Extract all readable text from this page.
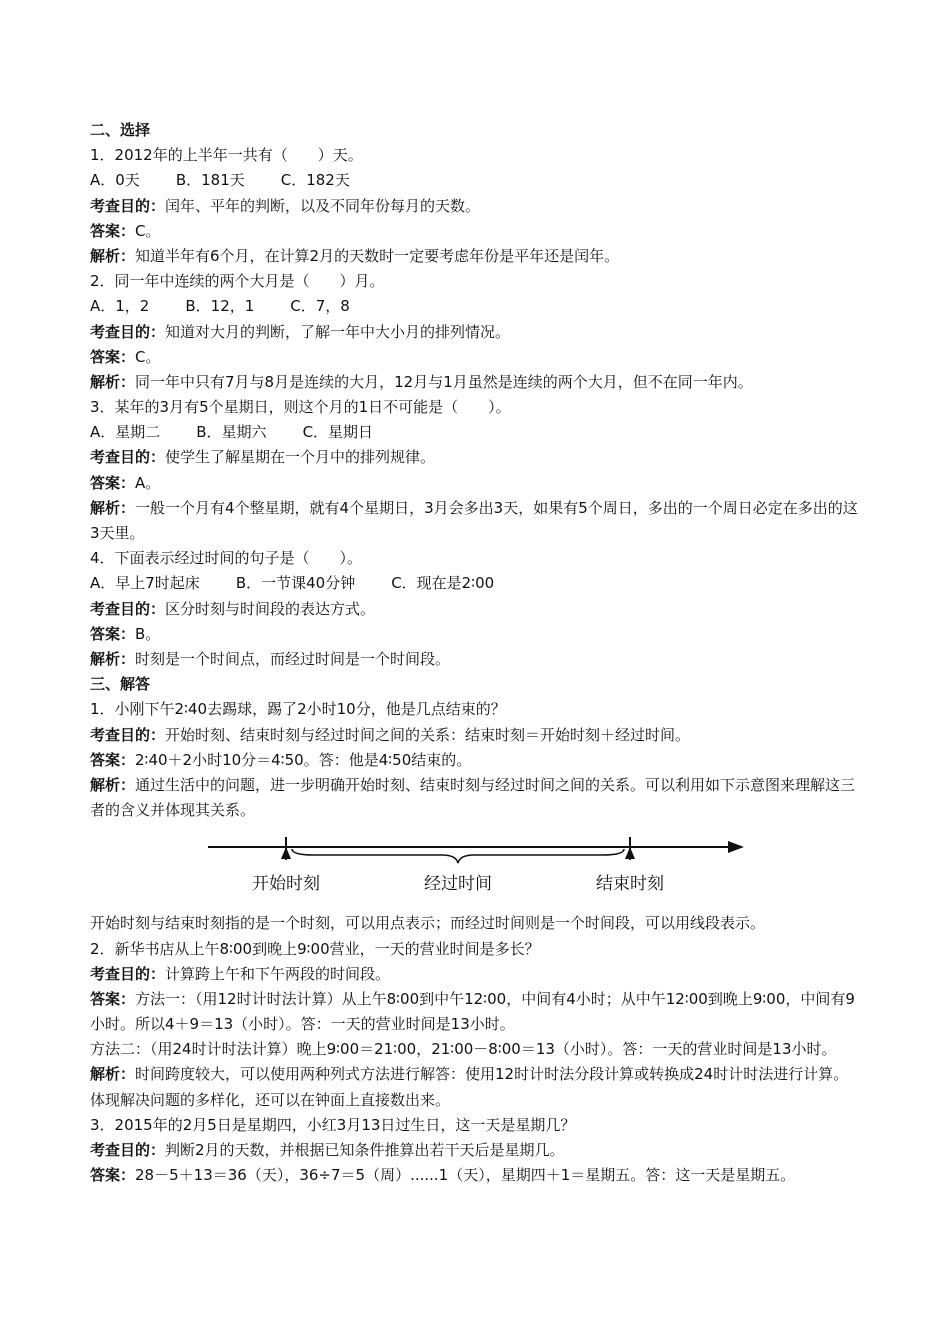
二、选择
1．2012年的上半年一共有（　　）天。
A．0天 B．181天 C．182天
考查目的：闰年、平年的判断，以及不同年份每月的天数。
答案：C。
解析：知道半年有6个月，在计算2月的天数时一定要考虑年份是平年还是闰年。
2．同一年中连续的两个大月是（　　）月。
A．1，2 B．12，1 C．7，8
考查目的：知道对大月的判断，了解一年中大小月的排列情况。
答案：C。
解析：同一年中只有7月与8月是连续的大月，12月与1月虽然是连续的两个大月，但不在同一年内。
3．某年的3月有5个星期日，则这个月的1日不可能是（　　）。
A．星期二 B．星期六 C．星期日
考查目的：使学生了解星期在一个月中的排列规律。
答案：A。
解析：一般一个月有4个整星期，就有4个星期日，3月会多出3天，如果有5个周日，多出的一个周日必定在多出的这3天里。
4．下面表示经过时间的句子是（　　）。
A．早上7时起床 B．一节课40分钟 C．现在是2∶00
考查目的：区分时刻与时间段的表达方式。
答案：B。
解析：时刻是一个时间点，而经过时间是一个时间段。
三、解答
1．小刚下午2∶40去踢球，踢了2小时10分，他是几点结束的？
考查目的：开始时刻、结束时刻与经过时间之间的关系：结束时刻＝开始时刻＋经过时间。
答案：2∶40＋2小时10分＝4∶50。答：他是4∶50结束的。
解析：通过生活中的问题，进一步明确开始时刻、结束时刻与经过时间之间的关系。可以利用如下示意图来理解这三者的含义并体现其关系。
开始时刻	经过时间	结束时刻
开始时刻与结束时刻指的是一个时刻，可以用点表示；而经过时间则是一个时间段，可以用线段表示。
2．新华书店从上午8∶00到晚上9∶00营业，一天的营业时间是多长？
考查目的：计算跨上午和下午两段的时间段。
答案：方法一：（用12时计时法计算）从上午8∶00到中午12∶00，中间有4小时；从中午12∶00到晚上9∶00，中间有9小时。所以4＋9＝13（小时）。答：一天的营业时间是13小时。
方法二：（用24时计时法计算）晚上9∶00＝21∶00，21∶00－8∶00＝13（小时）。答：一天的营业时间是13小时。
解析：时间跨度较大，可以使用两种列式方法进行解答：使用12时计时法分段计算或转换成24时计时法进行计算。体现解决问题的多样化，还可以在钟面上直接数出来。
3．2015年的2月5日是星期四，小红3月13日过生日，这一天是星期几？
考查目的：判断2月的天数，并根据已知条件推算出若干天后是星期几。
答案：28－5＋13＝36（天），36÷7＝5（周）......1（天），星期四＋1＝星期五。答：这一天是星期五。
